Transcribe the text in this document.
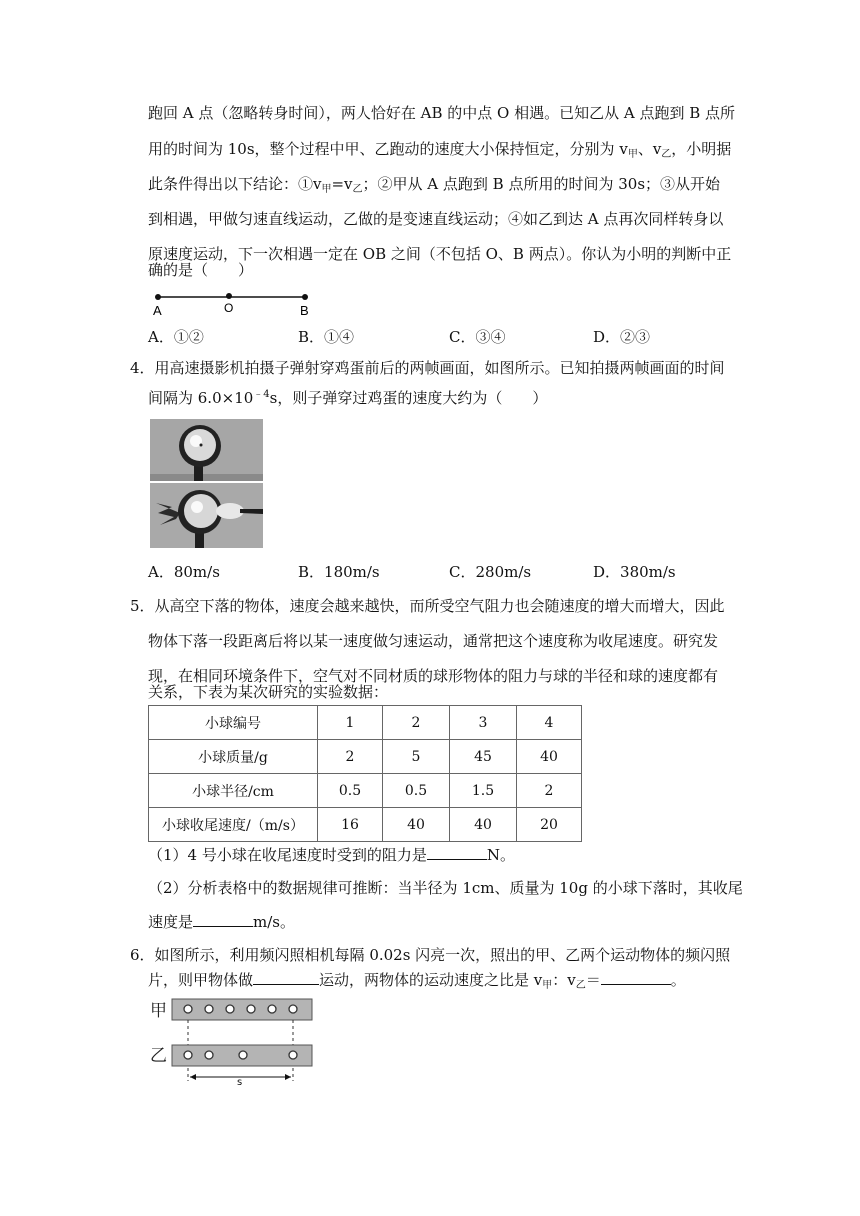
跑回 A 点（忽略转身时间），两人恰好在 AB 的中点 O 相遇。已知乙从 A 点跑到 B 点所
用的时间为 10s，整个过程中甲、乙跑动的速度大小保持恒定，分别为 $v_甲$、$v_乙$，小明据
此条件得出以下结论：$①v_甲=v_乙$；②甲从 A 点跑到 B 点所用的时间为 30s；③从开始
到相遇，甲做匀速直线运动，乙做的是变速直线运动；④如乙到达 A 点再次同样转身以
原速度运动，下一次相遇一定在 OB 之间（不包括 O、B 两点）。你认为小明的判断中正
确的是（　　）
A	O	B
A．①②	B．①④	C．③④	D．②③
4．用高速摄影机拍摄子弹射穿鸡蛋前后的两帧画面，如图所示。已知拍摄两帧画面的时间
间隔为 $6.0\times 10^{﹣4}s$，则子弹穿过鸡蛋的速度大约为（　　）
A．80m/s	B．180m/s	C．280m/s	D．380m/s
5．从高空下落的物体，速度会越来越快，而所受空气阻力也会随速度的增大而增大，因此
物体下落一段距离后将以某一速度做匀速运动，通常把这个速度称为收尾速度。研究发
现，在相同环境条件下，空气对不同材质的球形物体的阻力与球的半径和球的速度都有
关系，下表为某次研究的实验数据：
小球编号	1	2	3	4
小球质量/g	2	5	45	40
小球半径/cm	0.5	0.5	1.5	2
小球收尾速度/（m/s）	16	40	40	20
（1）4 号小球在收尾速度时受到的阻力是	N。
（2）分析表格中的数据规律可推断：当半径为 1cm、质量为 10g 的小球下落时，其收尾
速度是	m/s。
6．如图所示，利用频闪照相机每隔 0.02s 闪亮一次，照出的甲、乙两个运动物体的频闪照
片，则甲物体做	运动，两物体的运动速度之比是 $v_甲$：$v_乙=$	。
甲
乙
s
